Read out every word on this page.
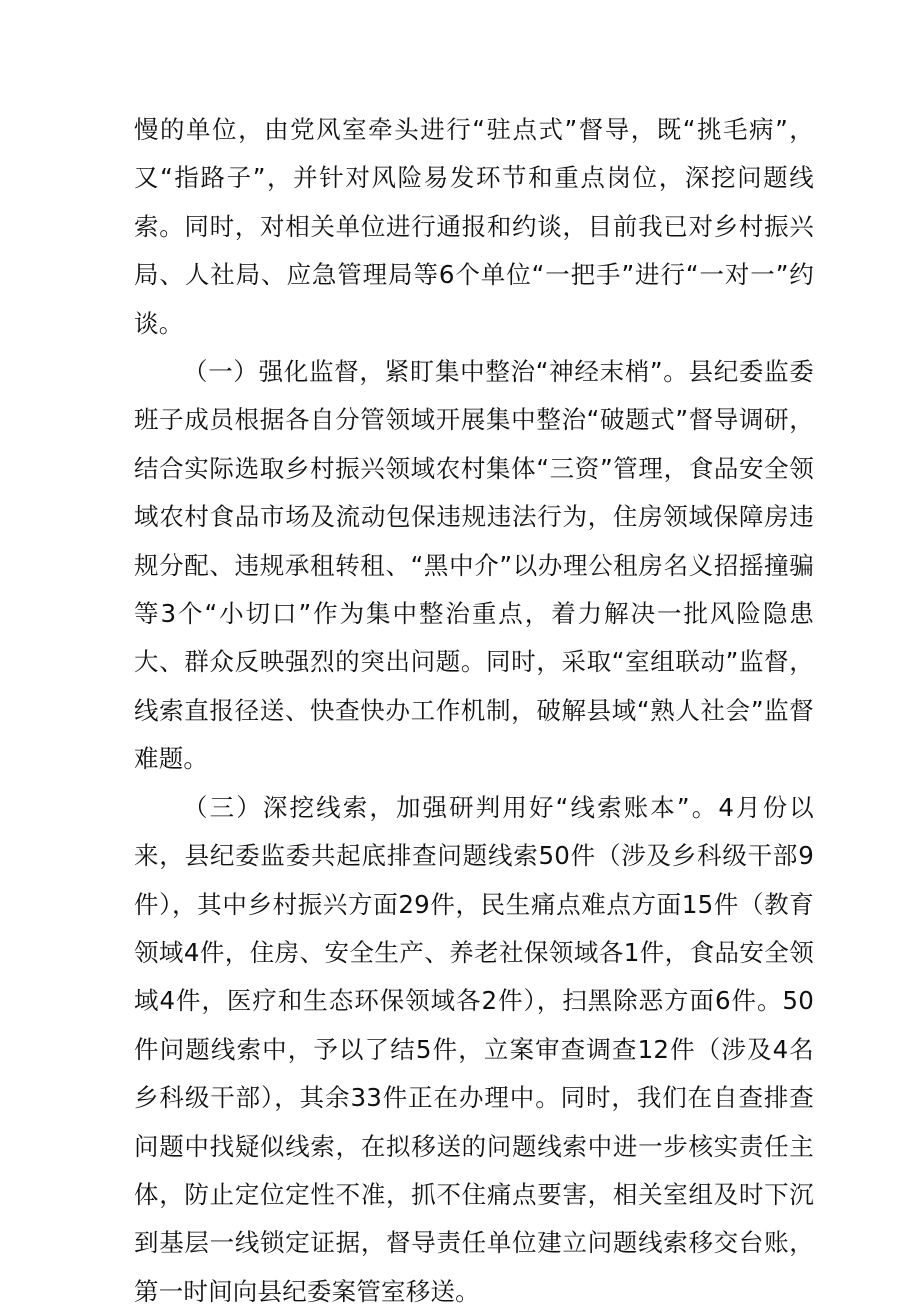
慢的单位，由党风室牵头进行“驻点式”督导，既“挑毛病”，又“指路子”，并针对风险易发环节和重点岗位，深挖问题线索。同时，对相关单位进行通报和约谈，目前我已对乡村振兴局、人社局、应急管理局等6个单位“一把手”进行“一对一”约谈。

（一）强化监督，紧盯集中整治“神经末梢”。县纪委监委班子成员根据各自分管领域开展集中整治“破题式”督导调研，结合实际选取乡村振兴领域农村集体“三资”管理，食品安全领域农村食品市场及流动包保违规违法行为，住房领域保障房违规分配、违规承租转租、“黑中介”以办理公租房名义招摇撞骗等3个“小切口”作为集中整治重点，着力解决一批风险隐患大、群众反映强烈的突出问题。同时，采取“室组联动”监督，线索直报径送、快查快办工作机制，破解县域“熟人社会”监督难题。

（三）深挖线索，加强研判用好“线索账本”。4月份以来，县纪委监委共起底排查问题线索50件（涉及乡科级干部9件），其中乡村振兴方面29件，民生痛点难点方面15件（教育领域4件，住房、安全生产、养老社保领域各1件，食品安全领域4件，医疗和生态环保领域各2件），扫黑除恶方面6件。50件问题线索中，予以了结5件，立案审查调查12件（涉及4名乡科级干部），其余33件正在办理中。同时，我们在自查排查问题中找疑似线索，在拟移送的问题线索中进一步核实责任主体，防止定位定性不准，抓不住痛点要害，相关室组及时下沉到基层一线锁定证据，督导责任单位建立问题线索移交台账，第一时间向县纪委案管室移送。
